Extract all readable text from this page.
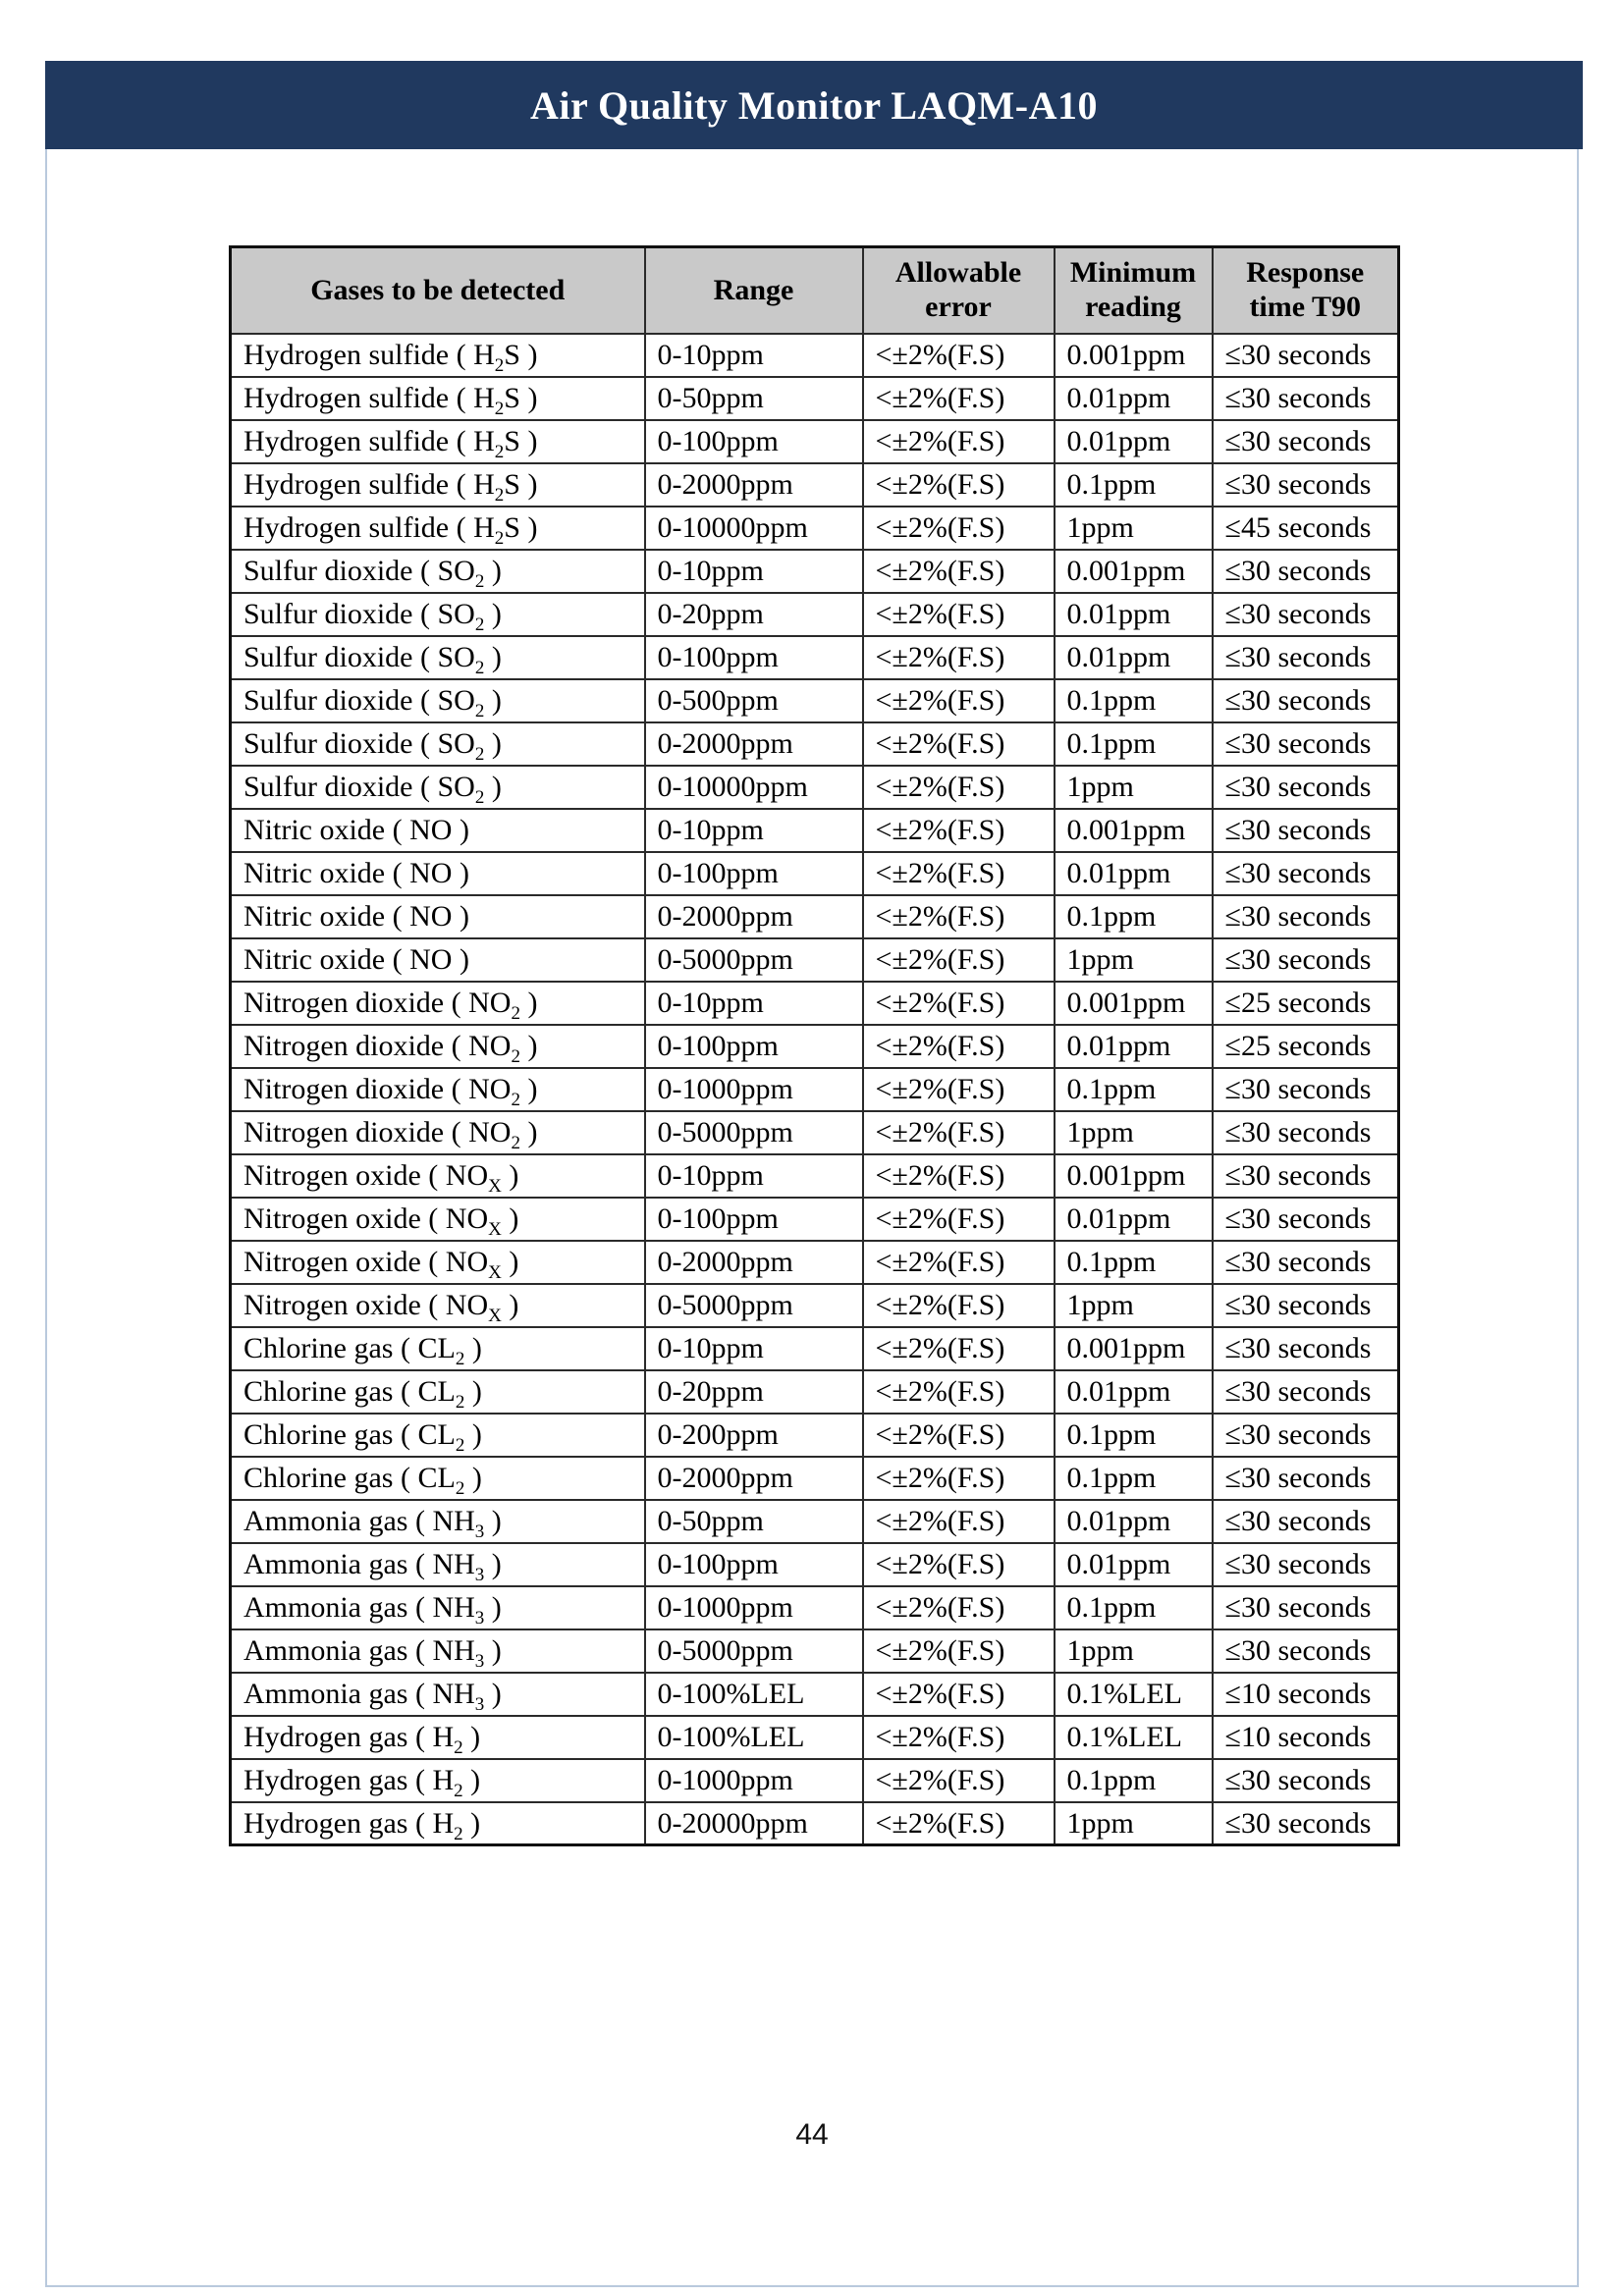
Air Quality Monitor LAQM-A10
Gases to be detected	Range	Allowable error	Minimum reading	Response time T90
Hydrogen sulfide ( $H_2S$ )	0-10ppm	<±2%(F.S)	0.001ppm	≤30 seconds
Hydrogen sulfide ( $H_2S$ )	0-50ppm	<±2%(F.S)	0.01ppm	≤30 seconds
Hydrogen sulfide ( $H_2S$ )	0-100ppm	<±2%(F.S)	0.01ppm	≤30 seconds
Hydrogen sulfide ( $H_2S$ )	0-2000ppm	<±2%(F.S)	0.1ppm	≤30 seconds
Hydrogen sulfide ( $H_2S$ )	0-10000ppm	<±2%(F.S)	1ppm	≤45 seconds
Sulfur dioxide ( $SO_2$ )	0-10ppm	<±2%(F.S)	0.001ppm	≤30 seconds
Sulfur dioxide ( $SO_2$ )	0-20ppm	<±2%(F.S)	0.01ppm	≤30 seconds
Sulfur dioxide ( $SO_2$ )	0-100ppm	<±2%(F.S)	0.01ppm	≤30 seconds
Sulfur dioxide ( $SO_2$ )	0-500ppm	<±2%(F.S)	0.1ppm	≤30 seconds
Sulfur dioxide ( $SO_2$ )	0-2000ppm	<±2%(F.S)	0.1ppm	≤30 seconds
Sulfur dioxide ( $SO_2$ )	0-10000ppm	<±2%(F.S)	1ppm	≤30 seconds
Nitric oxide ( NO )	0-10ppm	<±2%(F.S)	0.001ppm	≤30 seconds
Nitric oxide ( NO )	0-100ppm	<±2%(F.S)	0.01ppm	≤30 seconds
Nitric oxide ( NO )	0-2000ppm	<±2%(F.S)	0.1ppm	≤30 seconds
Nitric oxide ( NO )	0-5000ppm	<±2%(F.S)	1ppm	≤30 seconds
Nitrogen dioxide ( $NO_2$ )	0-10ppm	<±2%(F.S)	0.001ppm	≤25 seconds
Nitrogen dioxide ( $NO_2$ )	0-100ppm	<±2%(F.S)	0.01ppm	≤25 seconds
Nitrogen dioxide ( $NO_2$ )	0-1000ppm	<±2%(F.S)	0.1ppm	≤30 seconds
Nitrogen dioxide ( $NO_2$ )	0-5000ppm	<±2%(F.S)	1ppm	≤30 seconds
Nitrogen oxide ( $NO_X$ )	0-10ppm	<±2%(F.S)	0.001ppm	≤30 seconds
Nitrogen oxide ( $NO_X$ )	0-100ppm	<±2%(F.S)	0.01ppm	≤30 seconds
Nitrogen oxide ( $NO_X$ )	0-2000ppm	<±2%(F.S)	0.1ppm	≤30 seconds
Nitrogen oxide ( $NO_X$ )	0-5000ppm	<±2%(F.S)	1ppm	≤30 seconds
Chlorine gas ( $CL_2$ )	0-10ppm	<±2%(F.S)	0.001ppm	≤30 seconds
Chlorine gas ( $CL_2$ )	0-20ppm	<±2%(F.S)	0.01ppm	≤30 seconds
Chlorine gas ( $CL_2$ )	0-200ppm	<±2%(F.S)	0.1ppm	≤30 seconds
Chlorine gas ( $CL_2$ )	0-2000ppm	<±2%(F.S)	0.1ppm	≤30 seconds
Ammonia gas ( $NH_3$ )	0-50ppm	<±2%(F.S)	0.01ppm	≤30 seconds
Ammonia gas ( $NH_3$ )	0-100ppm	<±2%(F.S)	0.01ppm	≤30 seconds
Ammonia gas ( $NH_3$ )	0-1000ppm	<±2%(F.S)	0.1ppm	≤30 seconds
Ammonia gas ( $NH_3$ )	0-5000ppm	<±2%(F.S)	1ppm	≤30 seconds
Ammonia gas ( $NH_3$ )	0-100%LEL	<±2%(F.S)	0.1%LEL	≤10 seconds
Hydrogen gas ( $H_2$ )	0-100%LEL	<±2%(F.S)	0.1%LEL	≤10 seconds
Hydrogen gas ( $H_2$ )	0-1000ppm	<±2%(F.S)	0.1ppm	≤30 seconds
Hydrogen gas ( $H_2$ )	0-20000ppm	<±2%(F.S)	1ppm	≤30 seconds
44
